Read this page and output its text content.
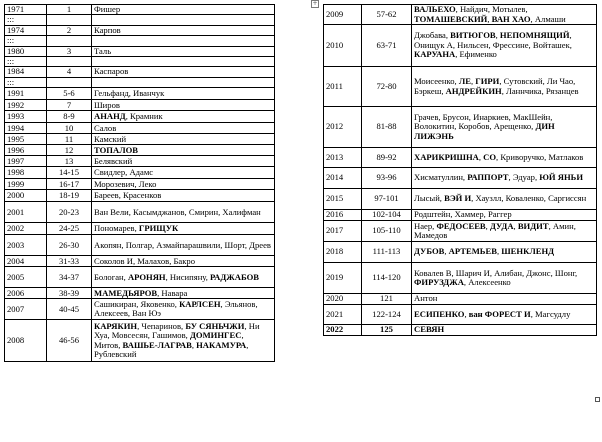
+
1971	1	Фишер
:::		
1974	2	Карпов
:::		
1980	3	Таль
:::		
1984	4	Каспаров
:::		
1991	5-6	Гельфанд, Иванчук
1992	7	Широв
1993	8-9	АНАНД, Крамник
1994	10	Салов
1995	11	Камский
1996	12	ТОПАЛОВ
1997	13	Белявский
1998	14-15	Свидлер, Адамс
1999	16-17	Морозевич, Леко
2000	18-19	Бареев, Красенков
2001	20-23	Ван Вели, Касымджанов, Смирин, Халифман
2002	24-25	Пономарев, ГРИЩУК
2003	26-30	Акопян, Полгар, Азмайпарашвили, Шорт, Дреев
2004	31-33	Соколов И, Малахов, Бакро
2005	34-37	Бологан, АРОНЯН, Нисипяну, РАДЖАБОВ
2006	38-39	МАМЕДЬЯРОВ, Навара
2007	40-45	Сашикиран, Яковенко, КАРЛСЕН, Эльянов, Алексеев, Ван Юэ
2008	46-56	КАРЯКИН, Чепаринов, БУ СЯНЬЧЖИ, Ни Хуа, Мовсесян, Гашимов, ДОМИНГЕС, Митов, ВАШЬЕ-ЛАГРАВ, НАКАМУРА, Рублевский
2009	57-62	ВАЛЬЕХО, Найдич, Мотылев, ТОМАШЕВСКИЙ, ВАН ХАО, Алмаши
2010	63-71	Джобава, ВИТЮГОВ, НЕПОМНЯЩИЙ, Онищук А, Нильсен, Фрессине, Войташек, КАРУАНА, Ефименко
2011	72-80	Моисеенко, ЛЕ, ГИРИ, Сутовский, Ли Чао, Бэркеш, АНДРЕЙКИН, Ланнчика, Рязанцев
2012	81-88	Грачев, Брусон, Инаркиев, МакШейн, Волокитин, Коробов, Арещенко, ДИН ЛИЖЭНЬ
2013	89-92	ХАРИКРИШНА, СО, Криворучко, Матлаков
2014	93-96	Хисматуллин, РАППОРТ, Эдуар, ЮЙ ЯНЬИ
2015	97-101	Лысый, ВЭЙ И, Хаузлл, Коваленко, Саргиссян
2016	102-104	Родштейн, Хаммер, Раггер
2017	105-110	Наер, ФЕДОСЕЕВ, ДУДА, ВИДИТ, Амин, Мамедов
2018	111-113	ДУБОВ, АРТЕМЬЕВ, ШЕНКЛЕНД
2019	114-120	Ковалев В, Шарич И, Алибан, Джонс, Шонг, ФИРУЗДЖА, Алексеенко
2020	121	Антон
2021	122-124	ЕСИПЕНКО, ван ФОРЕСТ И, Магсудлу
2022	125	СЕВЯН
